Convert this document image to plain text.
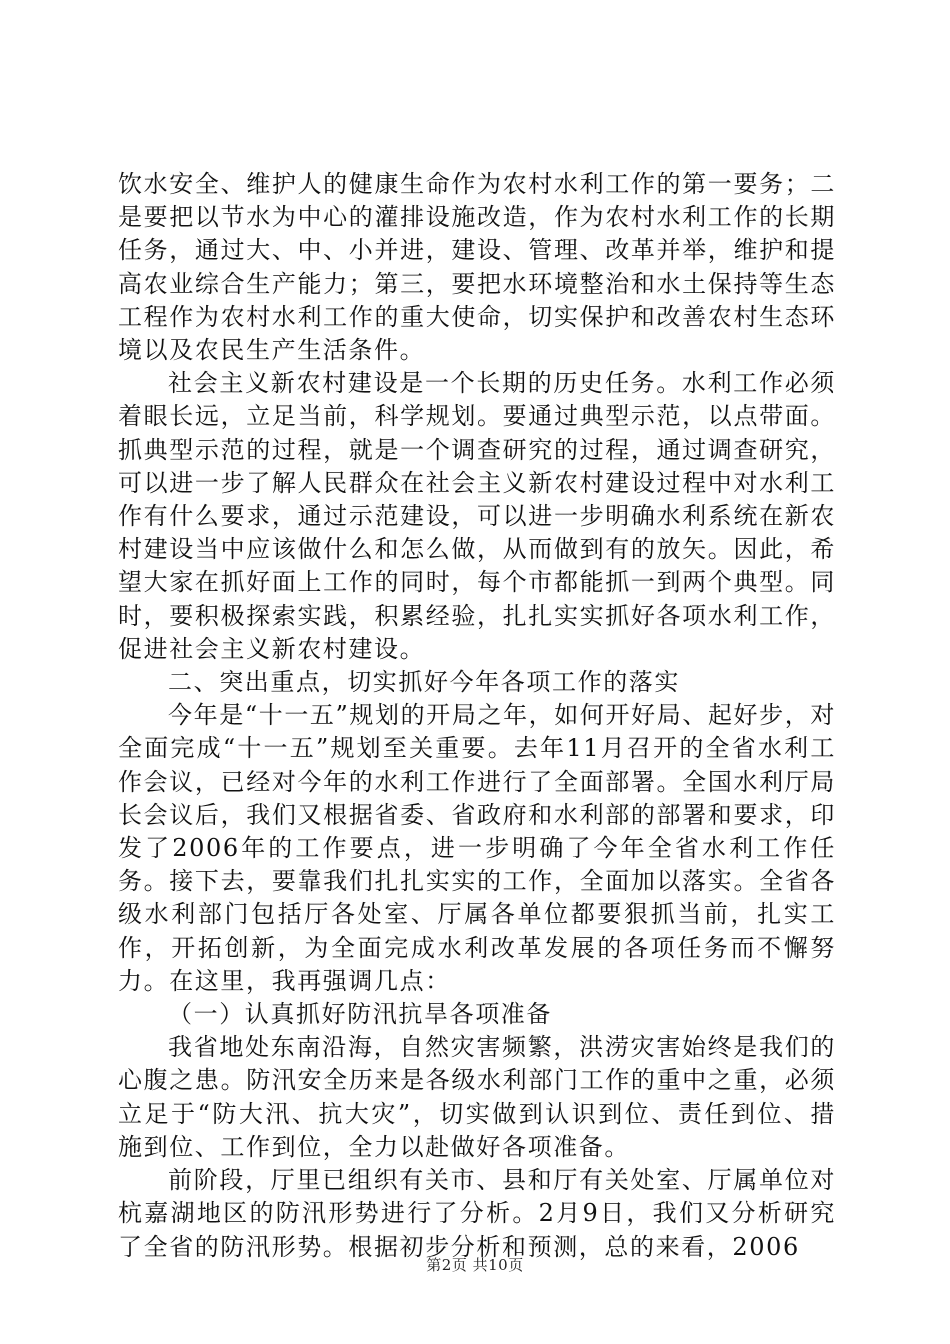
饮水安全、维护人的健康生命作为农村水利工作的第一要务；二是要把以节水为中心的灌排设施改造，作为农村水利工作的长期任务，通过大、中、小并进，建设、管理、改革并举，维护和提高农业综合生产能力；第三，要把水环境整治和水土保持等生态工程作为农村水利工作的重大使命，切实保护和改善农村生态环境以及农民生产生活条件。

社会主义新农村建设是一个长期的历史任务。水利工作必须着眼长远，立足当前，科学规划。要通过典型示范，以点带面。抓典型示范的过程，就是一个调查研究的过程，通过调查研究，可以进一步了解人民群众在社会主义新农村建设过程中对水利工作有什么要求，通过示范建设，可以进一步明确水利系统在新农村建设当中应该做什么和怎么做，从而做到有的放矢。因此，希望大家在抓好面上工作的同时，每个市都能抓一到两个典型。同时，要积极探索实践，积累经验，扎扎实实抓好各项水利工作，促进社会主义新农村建设。

二、突出重点，切实抓好今年各项工作的落实

今年是“十一五”规划的开局之年，如何开好局、起好步，对全面完成“十一五”规划至关重要。去年11月召开的全省水利工作会议，已经对今年的水利工作进行了全面部署。全国水利厅局长会议后，我们又根据省委、省政府和水利部的部署和要求，印发了2006年的工作要点，进一步明确了今年全省水利工作任务。接下去，要靠我们扎扎实实的工作，全面加以落实。全省各级水利部门包括厅各处室、厅属各单位都要狠抓当前，扎实工作，开拓创新，为全面完成水利改革发展的各项任务而不懈努力。在这里，我再强调几点：

（一）认真抓好防汛抗旱各项准备

我省地处东南沿海，自然灾害频繁，洪涝灾害始终是我们的心腹之患。防汛安全历来是各级水利部门工作的重中之重，必须立足于“防大汛、抗大灾”，切实做到认识到位、责任到位、措施到位、工作到位，全力以赴做好各项准备。

前阶段，厅里已组织有关市、县和厅有关处室、厅属单位对杭嘉湖地区的防汛形势进行了分析。2月9日，我们又分析研究了全省的防汛形势。根据初步分析和预测，总的来看，2006

第2页 共10页
